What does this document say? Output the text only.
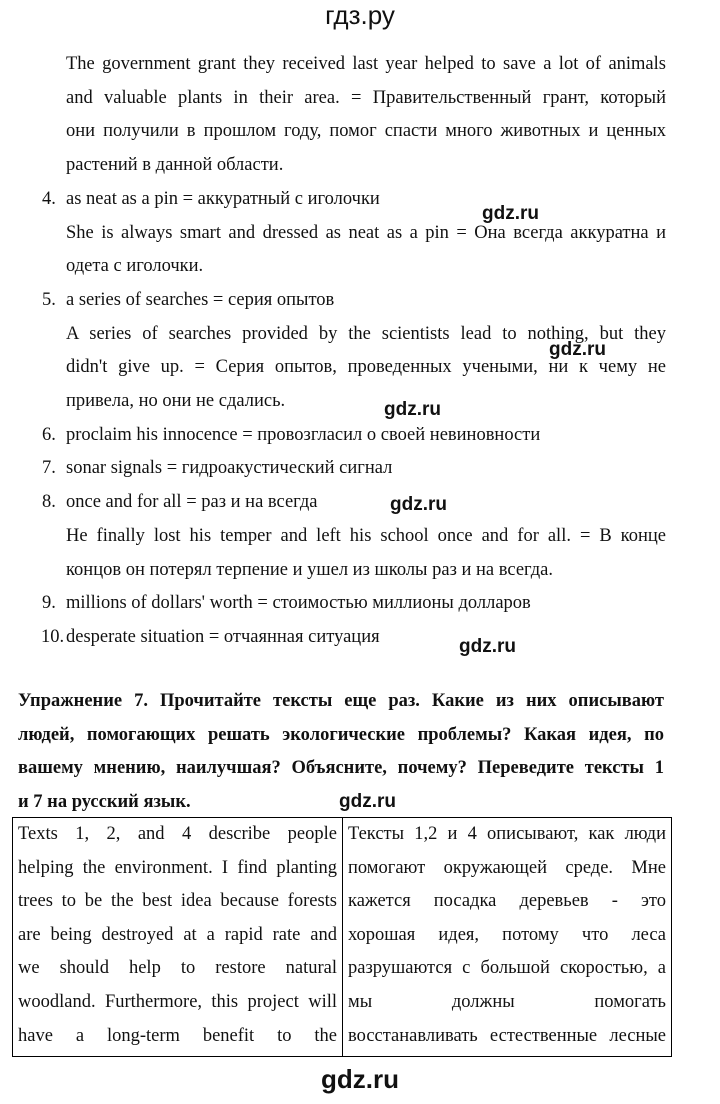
гдз.ру
gdz.ru
gdz.ru
gdz.ru
gdz.ru
gdz.ru
gdz.ru

The government grant they received last year helped to save a lot of animals

and valuable plants in their area. = Правительственный грант, который

они получили в прошлом году, помог спасти много животных и ценных

растений в данной области.

4. as neat as a pin = аккуратный с иголочки

She is always smart and dressed as neat as a pin = Она всегда аккуратна и

одета с иголочки.

5. a series of searches = серия опытов

A series of searches provided by the scientists lead to nothing, but they

didn't give up. = Серия опытов, проведенных учеными, ни к чему не

привела, но они не сдались.

6. proclaim his innocence = провозгласил о своей невиновности

7. sonar signals = гидроакустический сигнал

8. once and for all = раз и на всегда

He finally lost his temper and left his school once and for all. = В конце

концов он потерял терпение и ушел из школы раз и на всегда.

9. millions of dollars' worth = стоимостью миллионы долларов

10. desperate situation = отчаянная ситуация

Упражнение 7. Прочитайте тексты еще раз. Какие из них описывают
людей, помогающих решать экологические проблемы? Какая идея, по
вашему мнению, наилучшая? Объясните, почему? Переведите тексты 1
и 7 на русский язык.
Texts 1, 2, and 4 describe people
helping the environment. I find planting
trees to be the best idea because forests
are being destroyed at a rapid rate and
we should help to restore natural
woodland. Furthermore, this project will
have a long-term benefit to the
Тексты 1,2 и 4 описывают, как люди
помогают окружающей среде. Мне
кажется посадка деревьев - это
хорошая идея, потому что леса
разрушаются с большой скоростью, а
мы должны помогать
восстанавливать естественные лесные
gdz.ru
